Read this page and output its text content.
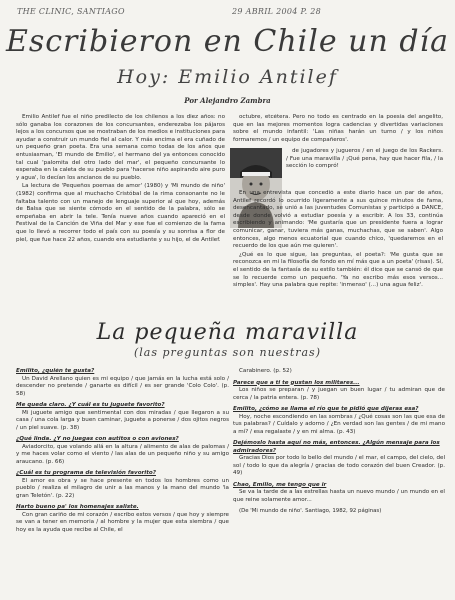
THE CLINIC, SANTIAGO	29 ABRIL 2004 P. 28
Escribieron en Chile un día
Hoy: Emilio Antilef
Por Alejandro Zambra

Emilio Antilef fue el niño predilecto de los chilenos a los diez años: no sólo ganaba los corazones de los concursantes, enderezaba los pájaros lejos a los concursos que se mostraban de los medios e instituciones para ayudar a construir un mundo fiel al calor. Y más encima el era cuñado de un pequeño gran poeta. Era una semana como todas de los años que entusiasman, 'El mundo de Emilio', el hermano del ya entonces conocido tal cual 'palomita del otro lado del mar', el pequeño concursante lo esperaba en la caleta de su pueblo para 'hacerse niño aspirando aire puro y agua', lo decían los ancianos de su pueblo.

La lectura de 'Pequeños poemas de amor' (1980) y 'Mi mundo de niño' (1982) confirma que al muchacho Cristóbal de la rima consonante no le faltaba talento con un manejo de lenguaje superior al que hoy, además de Balsa que se siente cómodo en el sentido de la palabra, sólo se empeñaba en abrir la tele. Tenía nueve años cuando apareció en el Festival de la Canción de Viña del Mar y ese fue el comienzo de la fama que lo llevó a recorrer todo el país con su poesía y su sonrisa a flor de piel, que fue hace 22 años, cuando era estudiante y su hijo, el de Antilef.

octubre, etcétera. Pero no todo es centrado en la poesía del angelito, que en las mejores momentos logra cadencias y divertidas variaciones sobre el mundo infantil: 'Las niñas harán un turno / y los niños formaremos / un equipo de compañeros'.

de jugadores y jugueros / en el juego de los Rackers. / Fue una maravilla / ¡Qué pena, hay que hacer fila, / la sección lo compró!

En una entrevista que concedió a este diario hace un par de años, Antilef recordó lo ocurrido ligeramente a sus quince minutos de fama, desencantado, se unió a las juventudes Comunistas y participó a DANCE, desde donde volvió a estudiar poesía y a escribir. A los 33, continúa escribiendo y animando: 'Me gustaría que un presidente fuera a lograr comunicar, ganar, tuviera más ganas, muchachas, que se saben'. Algo entonces, algo menos ecuatorial que cuando chico, 'quedaremos en el recuerdo de los que aún me quieren'.

¿Qué es lo que sigue, las preguntas, el poeta?: 'Me gusta que se reconozca en mi la filosofía de fondo en mí más que a un poeta' (risas). Sí, el sentido de la fantasía de su estilo también: él dice que se cansó de que se lo recuerde como un pequeño. 'Ya no escribo más esos versos... simples'. Hay una palabra que repite: 'inmenso' (...) una agua feliz'.

La pequeña maravilla
(las preguntas son nuestras)
Emilito, ¿quién te gusta?
Un David Arellano quien es mi equipo / que jamás en la lucha está solo / descender no pretende / ganarte es difícil / es ser grande 'Colo Colo'. (p. 58)
Me queda claro. ¿Y cuál es tu juguete favorito?
Mi juguete amigo que sentimental con dos miradas / que llegaron a su casa / una cola larga y buen caminar, juguete a ponerse / dos ojitos negros / un piel suave. (p. 38)
¿Qué linda. ¿Y no juegas con autitos o con aviones?
Aviadorcito, que volando allá en la altura / alimento de alas de palomas / y me haces volar como el viento / las alas de un pequeño niño y su amigo araucano. (p. 66)
¿Cuál es tu programa de televisión favorito?
El amor es obra y se hace presente en todos los hombres como un pueblo / realiza el milagro de unir a las manos y la mano del mundo 'la gran Teletón'. (p. 22)
Harto bueno pa' los homenajes saliste.
Con gran cariño de mi corazón / escribo estos versos / que hoy y siempre se van a tener en memoria / al hombre y la mujer que esta siembra / que hoy es la ayuda que recibe al Chile, el
Carabinero. (p. 52)
Parece que a ti te gustan los militares...
Los niños se preparan / y juegan un buen lugar / tu admiran que de cerca / la patria entera. (p. 78)
Emilito, ¿cómo se llama el río que te pidió que dijeras esa?
Hoy, noche escondiendo en las sombras / ¿Qué cosas son las que esa de tus palabras? / Cuídalo y adorno / ¿En verdad son las gentes / de mi mano a mí? / esa regalaste / y en mi alma. (p. 43)
Dejémoslo hasta aquí no más, entonces. ¿Algún mensaje para los admiradores?
Gracias Dios por todo lo bello del mundo / el mar, el campo, del cielo, del sol / todo lo que da alegría / gracias de todo corazón del buen Creador. (p. 49)
Chao, Emilio, me tengo que ir
Se va la tarde de a las estrellas hasta un nuevo mundo / un mundo en el que reine solamente amor...
(De 'Mi mundo de niño'. Santiago, 1982, 92 páginas)
